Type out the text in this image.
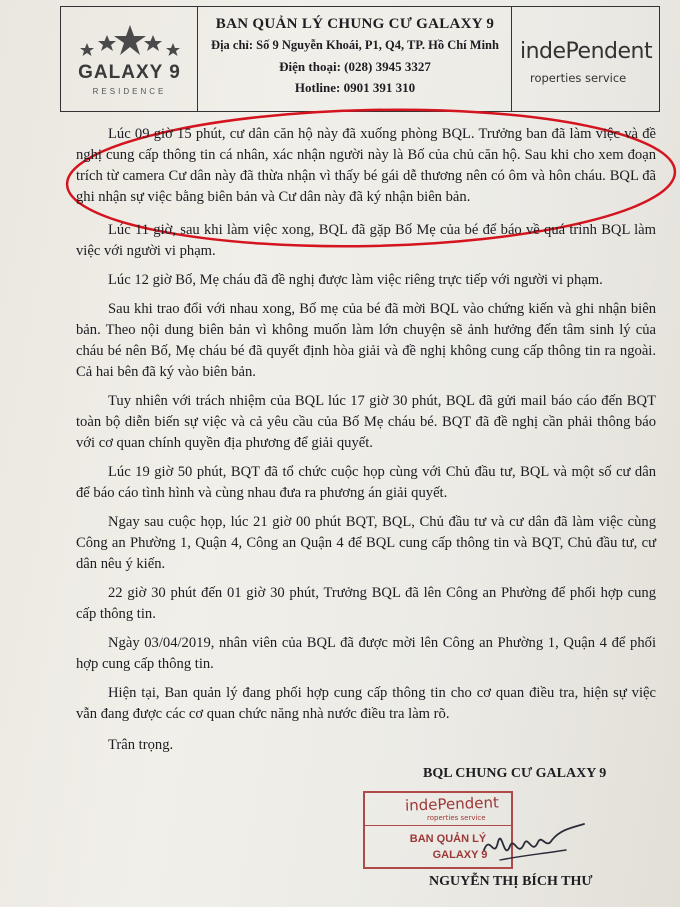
GALAXY 9
RESIDENCE
BAN QUẢN LÝ CHUNG CƯ GALAXY 9
Địa chỉ: Số 9 Nguyễn Khoái, P1, Q4, TP. Hồ Chí Minh
Điện thoại: (028) 3945 3327
Hotline: 0901 391 310
indePendent
roperties service

Lúc 09 giờ 15 phút, cư dân căn hộ này đã xuống phòng BQL. Trưởng ban đã làm việc và đề nghị cung cấp thông tin cá nhân, xác nhận người này là Bố của chủ căn hộ. Sau khi cho xem đoạn trích từ camera Cư dân này đã thừa nhận vì thấy bé gái dễ thương nên có ôm và hôn cháu. BQL đã ghi nhận sự việc bằng biên bản và Cư dân này đã ký nhận biên bản.

Lúc 11 giờ, sau khi làm việc xong, BQL đã gặp Bố Mẹ của bé để báo về quá trình BQL làm việc với người vi phạm.

Lúc 12 giờ Bố, Mẹ cháu đã đề nghị được làm việc riêng trực tiếp với người vi phạm.

Sau khi trao đổi với nhau xong, Bố mẹ của bé đã mời BQL vào chứng kiến và ghi nhận biên bản. Theo nội dung biên bản vì không muốn làm lớn chuyện sẽ ảnh hưởng đến tâm sinh lý của cháu bé nên Bố, Mẹ cháu bé đã quyết định hòa giải và đề nghị không cung cấp thông tin ra ngoài. Cả hai bên đã ký vào biên bản.

Tuy nhiên với trách nhiệm của BQL lúc 17 giờ 30 phút, BQL đã gửi mail báo cáo đến BQT toàn bộ diễn biến sự việc và cả yêu cầu của Bố Mẹ cháu bé. BQT đã đề nghị cần phải thông báo với cơ quan chính quyền địa phương để giải quyết.

Lúc 19 giờ 50 phút, BQT đã tổ chức cuộc họp cùng với Chủ đầu tư, BQL và một số cư dân để báo cáo tình hình và cùng nhau đưa ra phương án giải quyết.

Ngay sau cuộc họp, lúc 21 giờ 00 phút BQT, BQL, Chủ đầu tư và cư dân đã làm việc cùng Công an Phường 1, Quận 4, Công an Quận 4 để BQL cung cấp thông tin và BQT, Chủ đầu tư, cư dân nêu ý kiến.

22 giờ 30 phút đến 01 giờ 30 phút, Trưởng BQL đã lên Công an Phường để phối hợp cung cấp thông tin.

Ngày 03/04/2019, nhân viên của BQL đã được mời lên Công an Phường 1, Quận 4 để phối hợp cung cấp thông tin.

Hiện tại, Ban quản lý đang phối hợp cung cấp thông tin cho cơ quan điều tra, hiện sự việc vẫn đang được các cơ quan chức năng nhà nước điều tra làm rõ.

Trân trọng.

BQL CHUNG CƯ GALAXY 9
indePendent
roperties service
BAN QUẢN LÝ
GALAXY 9
NGUYỄN THỊ BÍCH THƯ
